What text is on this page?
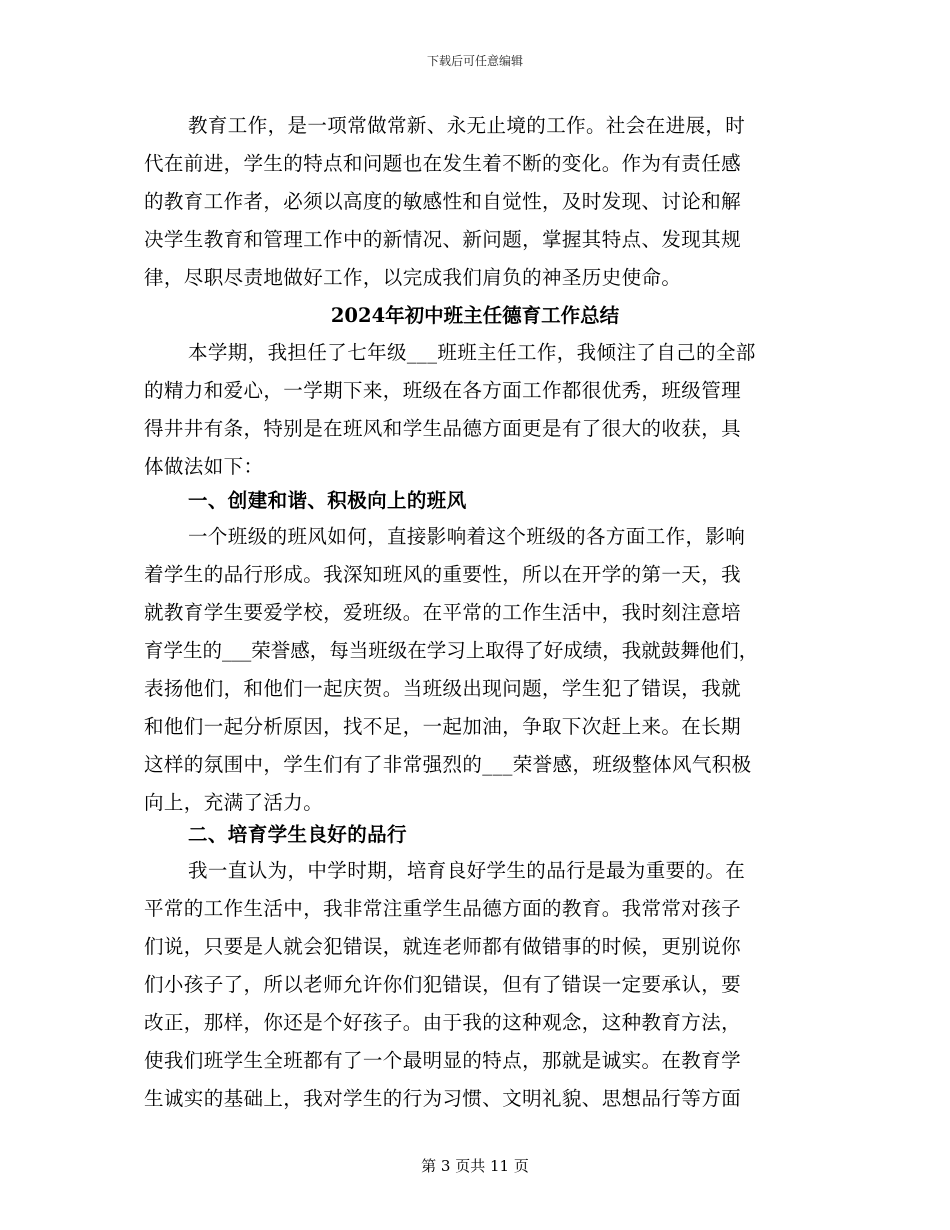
下载后可任意编辑
教育工作，是一项常做常新、永无止境的工作。社会在进展，时
代在前进，学生的特点和问题也在发生着不断的变化。作为有责任感
的教育工作者，必须以高度的敏感性和自觉性，及时发现、讨论和解
决学生教育和管理工作中的新情况、新问题，掌握其特点、发现其规
律，尽职尽责地做好工作，以完成我们肩负的神圣历史使命。
2024年初中班主任德育工作总结
本学期，我担任了七年级___班班主任工作，我倾注了自己的全部
的精力和爱心，一学期下来，班级在各方面工作都很优秀，班级管理
得井井有条，特别是在班风和学生品德方面更是有了很大的收获，具
体做法如下：
一、创建和谐、积极向上的班风
一个班级的班风如何，直接影响着这个班级的各方面工作，影响
着学生的品行形成。我深知班风的重要性，所以在开学的第一天，我
就教育学生要爱学校，爱班级。在平常的工作生活中，我时刻注意培
育学生的___荣誉感，每当班级在学习上取得了好成绩，我就鼓舞他们，
表扬他们，和他们一起庆贺。当班级出现问题，学生犯了错误，我就
和他们一起分析原因，找不足，一起加油，争取下次赶上来。在长期
这样的氛围中，学生们有了非常强烈的___荣誉感，班级整体风气积极
向上，充满了活力。
二、培育学生良好的品行
我一直认为，中学时期，培育良好学生的品行是最为重要的。在
平常的工作生活中，我非常注重学生品德方面的教育。我常常对孩子
们说，只要是人就会犯错误，就连老师都有做错事的时候，更别说你
们小孩子了，所以老师允许你们犯错误，但有了错误一定要承认，要
改正，那样，你还是个好孩子。由于我的这种观念，这种教育方法，
使我们班学生全班都有了一个最明显的特点，那就是诚实。在教育学
生诚实的基础上，我对学生的行为习惯、文明礼貌、思想品行等方面
第 3 页共 11 页
